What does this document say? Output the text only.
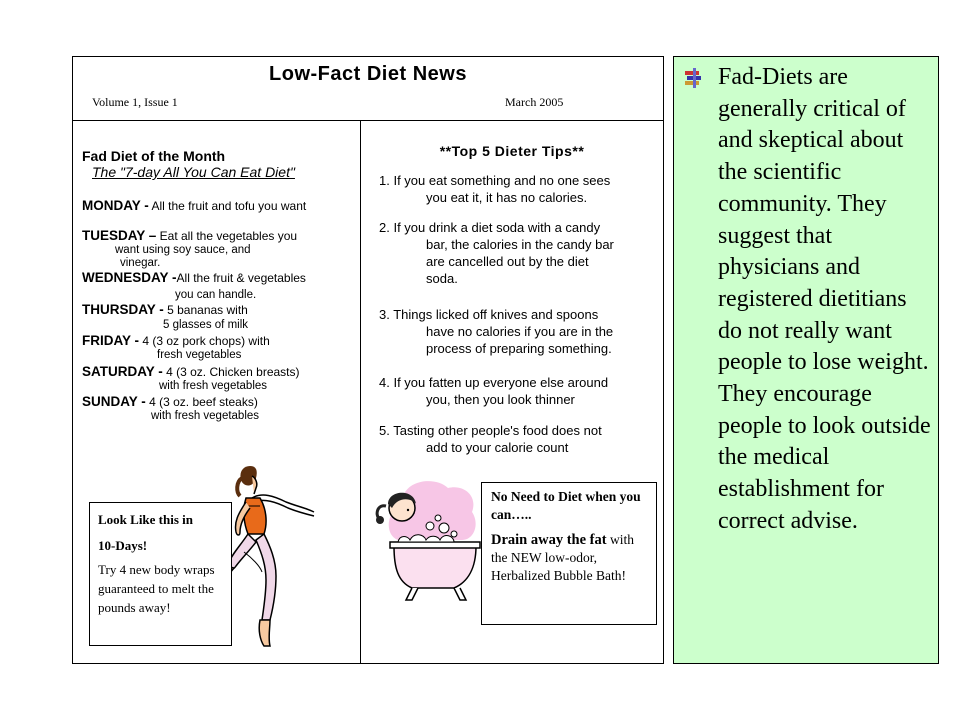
Low-Fact Diet News
Volume 1, Issue 1	March 2005
Fad Diet of the Month
The "7-day All You Can Eat Diet"
MONDAY - All the fruit and tofu you want
TUESDAY – Eat all the vegetables you
want using soy sauce, and
vinegar.
WEDNESDAY -All the fruit & vegetables
you can handle.
THURSDAY - 5 bananas with
5 glasses of milk
FRIDAY - 4 (3 oz pork chops) with
fresh vegetables
SATURDAY - 4 (3 oz. Chicken breasts)
with fresh vegetables
SUNDAY - 4 (3 oz. beef steaks)
with fresh vegetables

Look Like this in

10-Days!

Try 4 new body wraps guaranteed to melt the pounds away!

**Top 5 Dieter Tips**
1. If you eat something and no one sees
you eat it, it has no calories.
2. If you drink a diet soda with a candy
bar, the calories in the candy bar
are cancelled out by the diet
soda.
3. Things licked off knives and spoons
have no calories if you are in the
process of preparing something.
4. If you fatten up everyone else around
you, then you look thinner
5. Tasting other people's food does not
add to your calorie count

No Need to Diet when you can…..

Drain away the fat with the NEW low-odor, Herbalized Bubble Bath!

Fad-Diets are generally critical of and skeptical about the scientific community. They suggest that physicians and registered dietitians do not really want people to lose weight. They encourage people to look outside the medical establishment for correct advise.
